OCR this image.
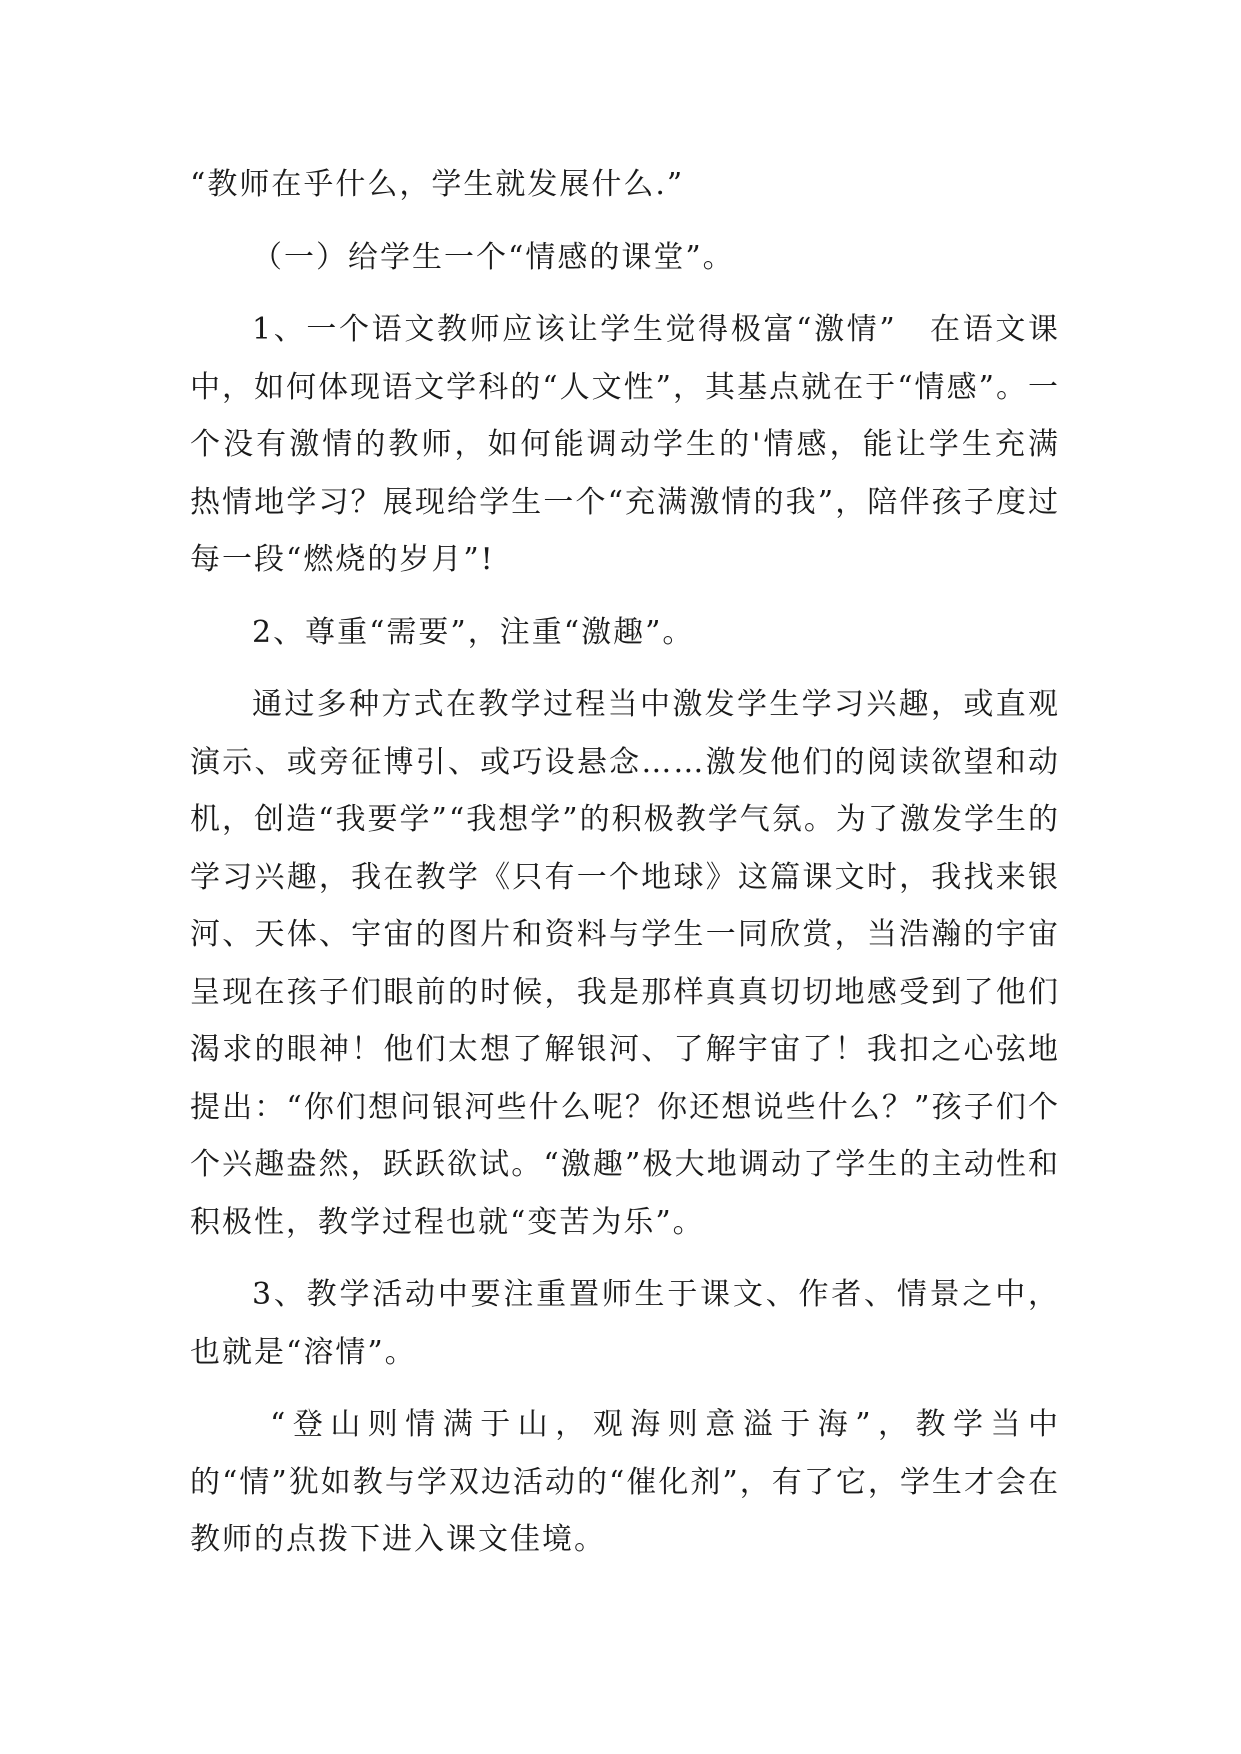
“教师在乎什么，学生就发展什么.”

（一）给学生一个“情感的课堂”。

1、一个语文教师应该让学生觉得极富“激情”　在语文课中，如何体现语文学科的“人文性”，其基点就在于“情感”。一个没有激情的教师，如何能调动学生的'情感，能让学生充满热情地学习？展现给学生一个“充满激情的我”，陪伴孩子度过每一段“燃烧的岁月”!

2、尊重“需要”，注重“激趣”。

通过多种方式在教学过程当中激发学生学习兴趣，或直观演示、或旁征博引、或巧设悬念……激发他们的阅读欲望和动机，创造“我要学”“我想学”的积极教学气氛。为了激发学生的学习兴趣，我在教学《只有一个地球》这篇课文时，我找来银河、天体、宇宙的图片和资料与学生一同欣赏，当浩瀚的宇宙呈现在孩子们眼前的时候，我是那样真真切切地感受到了他们渴求的眼神！他们太想了解银河、了解宇宙了！我扣之心弦地提出：“你们想问银河些什么呢？你还想说些什么？”孩子们个个兴趣盎然，跃跃欲试。“激趣”极大地调动了学生的主动性和积极性，教学过程也就“变苦为乐”。

3、教学活动中要注重置师生于课文、作者、情景之中，也就是“溶情”。

“登山则情满于山，观海则意溢于海”，教学当中的“情”犹如教与学双边活动的“催化剂”，有了它，学生才会在教师的点拨下进入课文佳境。
